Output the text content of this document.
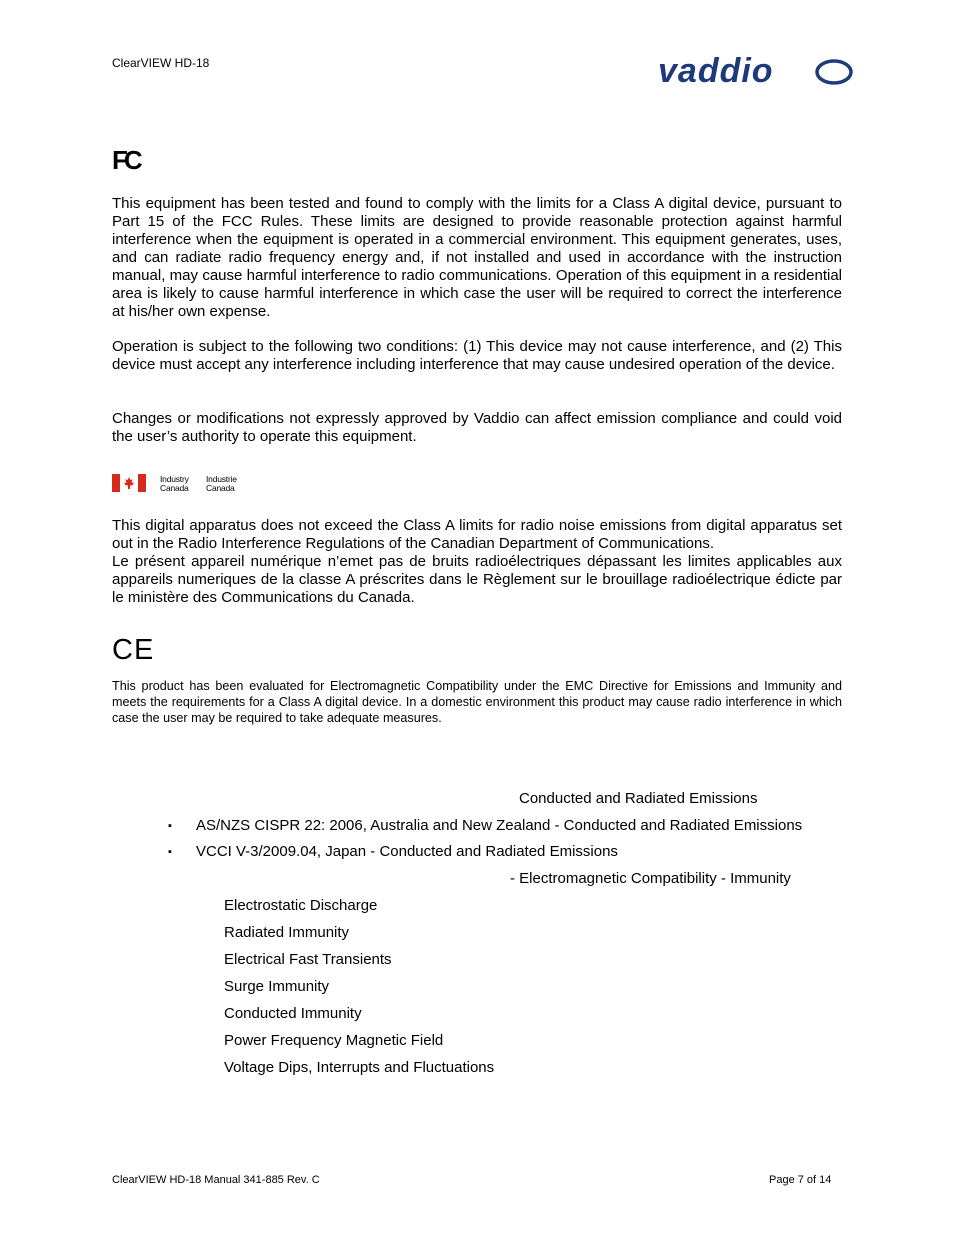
ClearVIEW HD-18	vaddio
FC

This equipment has been tested and found to comply with the limits for a Class A digital device, pursuant to Part 15 of the FCC Rules. These limits are designed to provide reasonable protection against harmful interference when the equipment is operated in a commercial environment. This equipment generates, uses, and can radiate radio frequency energy and, if not installed and used in accordance with the instruction manual, may cause harmful interference to radio communications. Operation of this equipment in a residential area is likely to cause harmful interference in which case the user will be required to correct the interference at his/her own expense.

Operation is subject to the following two conditions: (1) This device may not cause interference, and (2) This device must accept any interference including interference that may cause undesired operation of the device.

Changes or modifications not expressly approved by Vaddio can affect emission compliance and could void the user’s authority to operate this equipment.

Industry
Canada
Industrie
Canada

This digital apparatus does not exceed the Class A limits for radio noise emissions from digital apparatus set out in the Radio Interference Regulations of the Canadian Department of Communications.

Le présent appareil numérique n’emet pas de bruits radioélectriques dépassant les limites applicables aux appareils numeriques de la classe A préscrites dans le Règlement sur le brouillage radioélectrique édicte par le ministère des Communications du Canada.

CE

This product has been evaluated for Electromagnetic Compatibility under the EMC Directive for Emissions and Immunity and meets the requirements for a Class A digital device. In a domestic environment this product may cause radio interference in which case the user may be required to take adequate measures.

Conducted and Radiated Emissions
▪ AS/NZS CISPR 22: 2006, Australia and New Zealand - Conducted and Radiated Emissions
▪ VCCI V-3/2009.04, Japan - Conducted and Radiated Emissions
- Electromagnetic Compatibility - Immunity
Electrostatic Discharge
Radiated Immunity
Electrical Fast Transients
Surge Immunity
Conducted Immunity
Power Frequency Magnetic Field
Voltage Dips, Interrupts and Fluctuations
ClearVIEW HD-18 Manual 341-885 Rev. C	Page 7 of 14
